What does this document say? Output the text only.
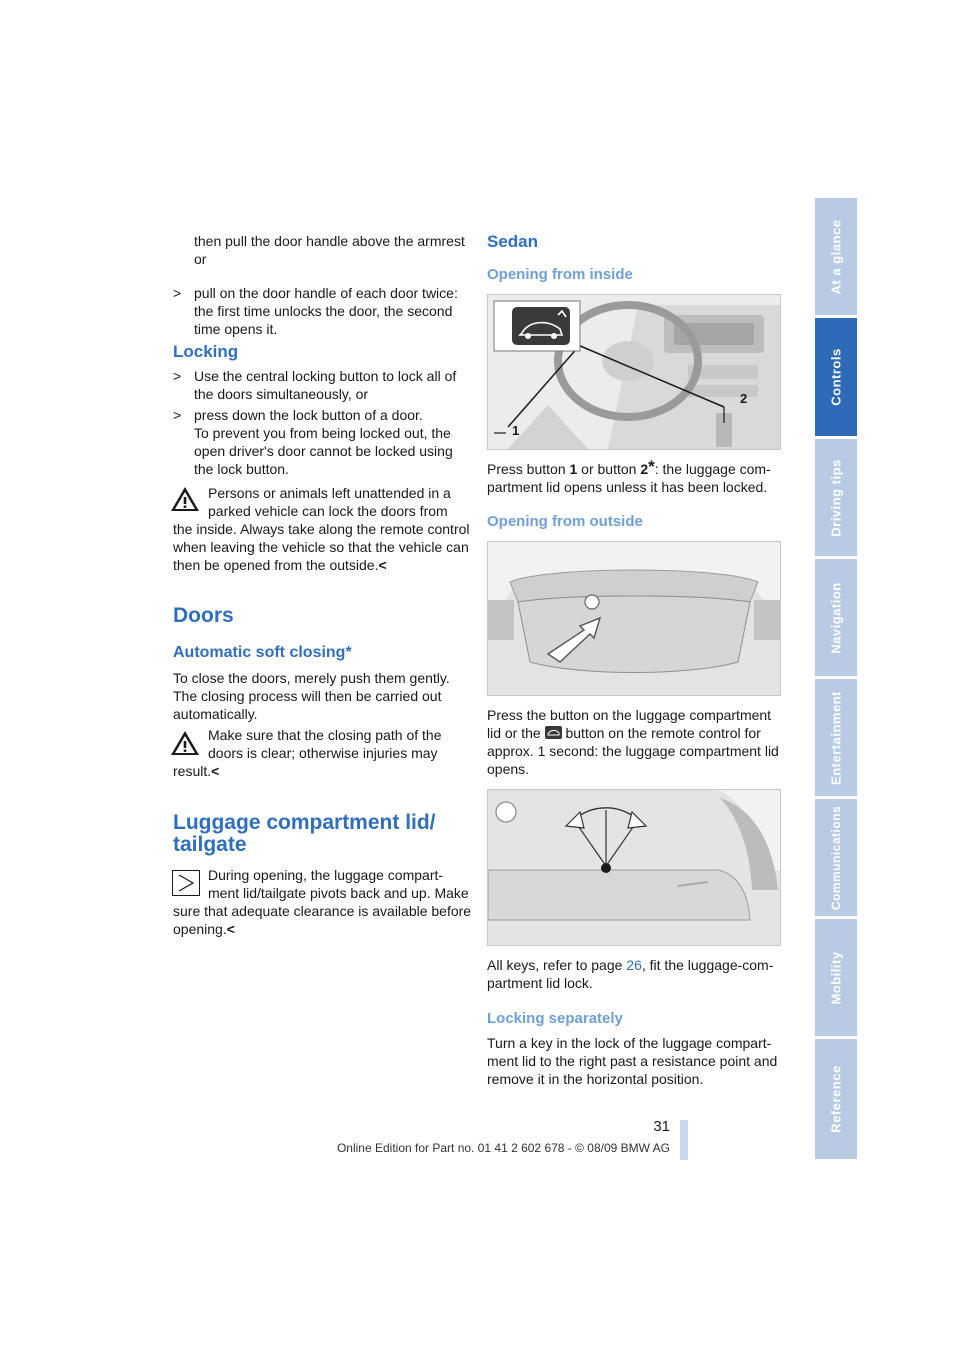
then pull the door handle above the armrest

or

> pull on the door handle of each door twice:

the first time unlocks the door, the second

time opens it.

Locking
> Use the central locking button to lock all of

the doors simultaneously, or

> press down the lock button of a door.

To prevent you from being locked out, the

open driver's door cannot be locked using

the lock button.

Persons or animals left unattended in a

parked vehicle can lock the doors from

the inside. Always take along the remote control

when leaving the vehicle so that the vehicle can

then be opened from the outside.<

Doors
Automatic soft closing*

To close the doors, merely push them gently.

The closing process will then be carried out

automatically.

Make sure that the closing path of the

doors is clear; otherwise injuries may

result.<

Luggage compartment lid/
tailgate

During opening, the luggage compart-

ment lid/tailgate pivots back and up. Make

sure that adequate clearance is available before

opening.<

Sedan
Opening from inside
1
2

Press button 1 or button 2*: the luggage com-

partment lid opens unless it has been locked.

Opening from outside

Press the button on the luggage compartment

lid or the  button on the remote control for

approx. 1 second: the luggage compartment lid

opens.

All keys, refer to page 26, fit the luggage-com-

partment lid lock.

Locking separately

Turn a key in the lock of the luggage compart-

ment lid to the right past a resistance point and

remove it in the horizontal position.

At a glance
Controls
Driving tips
Navigation
Entertainment
Communications
Mobility
Reference
31
Online Edition for Part no. 01 41 2 602 678 - © 08/09 BMW AG
